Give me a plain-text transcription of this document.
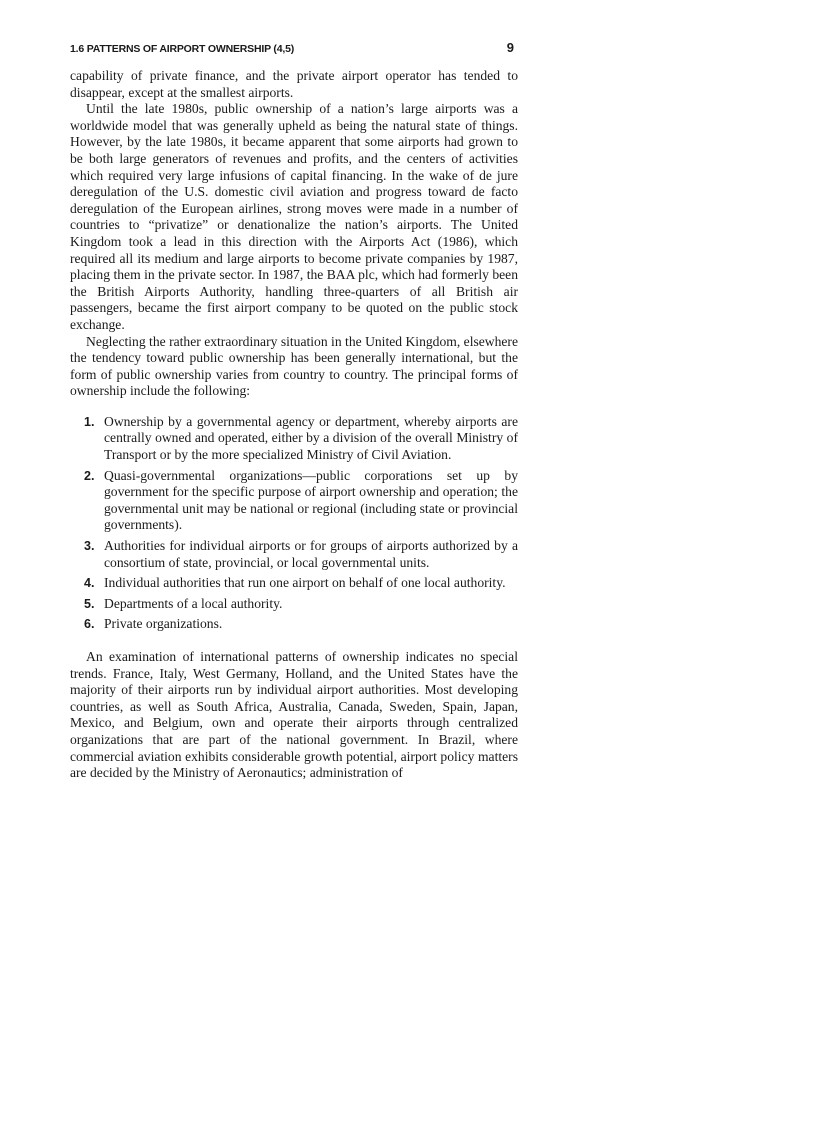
1.6 PATTERNS OF AIRPORT OWNERSHIP (4,5)	9

capability of private finance, and the private airport operator has tended to disappear, except at the smallest airports.

Until the late 1980s, public ownership of a nation’s large airports was a worldwide model that was generally upheld as being the natural state of things. However, by the late 1980s, it became apparent that some airports had grown to be both large generators of revenues and profits, and the centers of activities which required very large infusions of capital financing. In the wake of de jure deregulation of the U.S. domestic civil aviation and progress toward de facto deregulation of the European airlines, strong moves were made in a number of countries to “privatize” or denationalize the nation’s airports. The United Kingdom took a lead in this direction with the Airports Act (1986), which required all its medium and large airports to become private companies by 1987, placing them in the private sector. In 1987, the BAA plc, which had formerly been the British Airports Authority, handling three-quarters of all British air passengers, became the first airport company to be quoted on the public stock exchange.

Neglecting the rather extraordinary situation in the United Kingdom, elsewhere the tendency toward public ownership has been generally international, but the form of public ownership varies from country to country. The principal forms of ownership include the following:

1. Ownership by a governmental agency or department, whereby airports are centrally owned and operated, either by a division of the overall Ministry of Transport or by the more specialized Ministry of Civil Aviation.
2. Quasi-governmental organizations—public corporations set up by government for the specific purpose of airport ownership and operation; the governmental unit may be national or regional (including state or provincial governments).
3. Authorities for individual airports or for groups of airports authorized by a consortium of state, provincial, or local governmental units.
4. Individual authorities that run one airport on behalf of one local authority.
5. Departments of a local authority.
6. Private organizations.

An examination of international patterns of ownership indicates no special trends. France, Italy, West Germany, Holland, and the United States have the majority of their airports run by individual airport authorities. Most developing countries, as well as South Africa, Australia, Canada, Sweden, Spain, Japan, Mexico, and Belgium, own and operate their airports through centralized organizations that are part of the national government. In Brazil, where commercial aviation exhibits considerable growth potential, airport policy matters are decided by the Ministry of Aeronautics; administration of
